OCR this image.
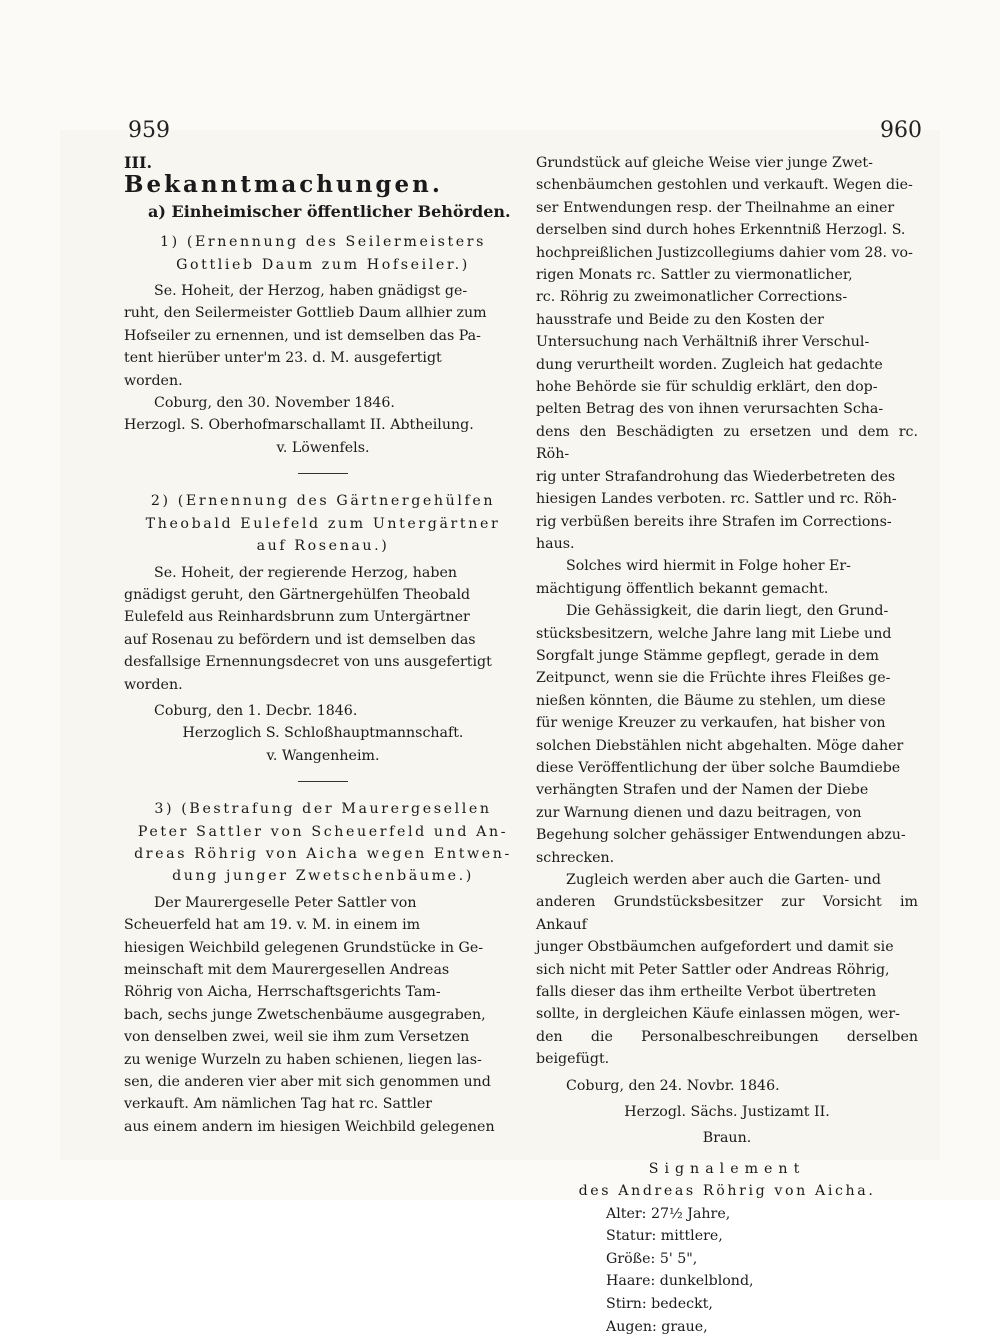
959	960

III.

Bekanntmachungen.

a) Einheimischer öffentlicher Behörden.

1) (Ernennung des Seilermeisters

Gottlieb Daum zum Hofseiler.)

Se. Hoheit, der Herzog, haben gnädigst ge-

ruht, den Seilermeister Gottlieb Daum allhier zum

Hofseiler zu ernennen, und ist demselben das Pa-

tent hierüber unter'm 23. d. M. ausgefertigt

worden.

Coburg, den 30. November 1846.

Herzogl. S. Oberhofmarschallamt II. Abtheilung.

v. Löwenfels.

2) (Ernennung des Gärtnergehülfen

Theobald Eulefeld zum Untergärtner

auf Rosenau.)

Se. Hoheit, der regierende Herzog, haben

gnädigst geruht, den Gärtnergehülfen Theobald

Eulefeld aus Reinhardsbrunn zum Untergärtner

auf Rosenau zu befördern und ist demselben das

desfallsige Ernennungsdecret von uns ausgefertigt

worden.

Coburg, den 1. Decbr. 1846.

Herzoglich S. Schloßhauptmannschaft.

v. Wangenheim.

3) (Bestrafung der Maurergesellen

Peter Sattler von Scheuerfeld und An-

dreas Röhrig von Aicha wegen Entwen-

dung junger Zwetschenbäume.)

Der Maurergeselle Peter Sattler von

Scheuerfeld hat am 19. v. M. in einem im

hiesigen Weichbild gelegenen Grundstücke in Ge-

meinschaft mit dem Maurergesellen Andreas

Röhrig von Aicha, Herrschaftsgerichts Tam-

bach, sechs junge Zwetschenbäume ausgegraben,

von denselben zwei, weil sie ihm zum Versetzen

zu wenige Wurzeln zu haben schienen, liegen las-

sen, die anderen vier aber mit sich genommen und

verkauft. Am nämlichen Tag hat rc. Sattler

aus einem andern im hiesigen Weichbild gelegenen

Grundstück auf gleiche Weise vier junge Zwet-

schenbäumchen gestohlen und verkauft. Wegen die-

ser Entwendungen resp. der Theilnahme an einer

derselben sind durch hohes Erkenntniß Herzogl. S.

hochpreißlichen Justizcollegiums dahier vom 28. vo-

rigen Monats rc. Sattler zu viermonatlicher,

rc. Röhrig zu zweimonatlicher Corrections-

hausstrafe und Beide zu den Kosten der

Untersuchung nach Verhältniß ihrer Verschul-

dung verurtheilt worden. Zugleich hat gedachte

hohe Behörde sie für schuldig erklärt, den dop-

pelten Betrag des von ihnen verursachten Scha-

dens den Beschädigten zu ersetzen und dem rc. Röh-

rig unter Strafandrohung das Wiederbetreten des

hiesigen Landes verboten. rc. Sattler und rc. Röh-

rig verbüßen bereits ihre Strafen im Corrections-

haus.

Solches wird hiermit in Folge hoher Er-

mächtigung öffentlich bekannt gemacht.

Die Gehässigkeit, die darin liegt, den Grund-

stücksbesitzern, welche Jahre lang mit Liebe und

Sorgfalt junge Stämme gepflegt, gerade in dem

Zeitpunct, wenn sie die Früchte ihres Fleißes ge-

nießen könnten, die Bäume zu stehlen, um diese

für wenige Kreuzer zu verkaufen, hat bisher von

solchen Diebstählen nicht abgehalten. Möge daher

diese Veröffentlichung der über solche Baumdiebe

verhängten Strafen und der Namen der Diebe

zur Warnung dienen und dazu beitragen, von

Begehung solcher gehässiger Entwendungen abzu-

schrecken.

Zugleich werden aber auch die Garten- und

anderen Grundstücksbesitzer zur Vorsicht im Ankauf

junger Obstbäumchen aufgefordert und damit sie

sich nicht mit Peter Sattler oder Andreas Röhrig,

falls dieser das ihm ertheilte Verbot übertreten

sollte, in dergleichen Käufe einlassen mögen, wer-

den die Personalbeschreibungen derselben beigefügt.

Coburg, den 24. Novbr. 1846.

Herzogl. Sächs. Justizamt II.

Braun.

Signalement

des Andreas Röhrig von Aicha.

Alter: 27½ Jahre,
Statur: mittlere,
Größe: 5' 5",
Haare: dunkelblond,
Stirn: bedeckt,
Augen: graue,
